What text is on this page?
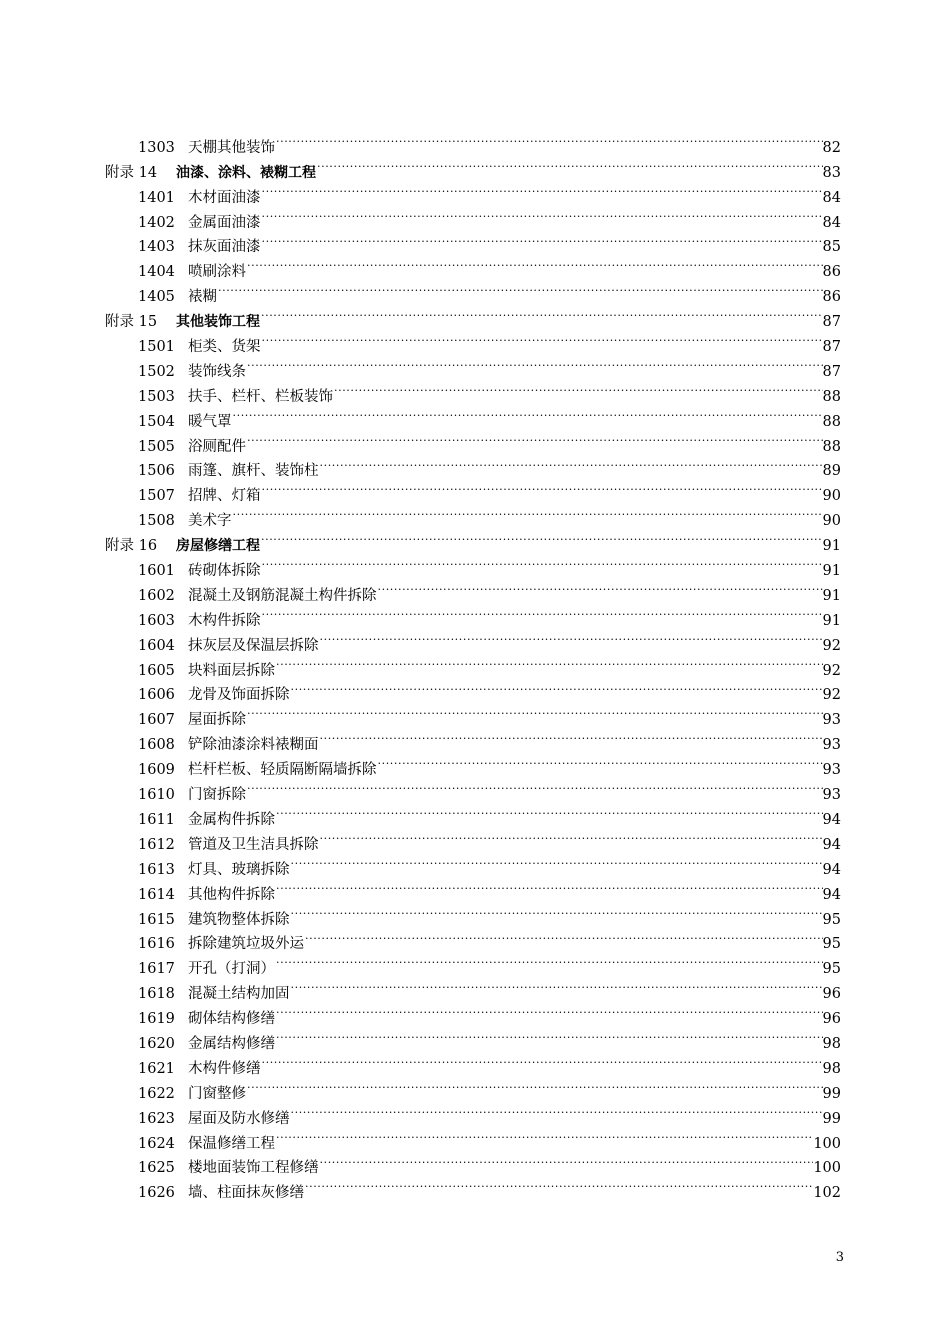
1303 天棚其他装饰 .....	82
附录 14	油漆、涂料、裱糊工程 .....	83
1401 木材面油漆 .....	84
1402 金属面油漆 .....	84
1403 抹灰面油漆 .....	85
1404 喷刷涂料 .....	86
1405 裱糊 .....	86
附录 15	其他装饰工程 .....	87
1501 柜类、货架 .....	87
1502 装饰线条 .....	87
1503 扶手、栏杆、栏板装饰 .....	88
1504 暖气罩 .....	88
1505 浴厕配件 .....	88
1506 雨篷、旗杆、装饰柱 .....	89
1507 招牌、灯箱 .....	90
1508 美术字 .....	90
附录 16	房屋修缮工程 .....	91
1601 砖砌体拆除 .....	91
1602 混凝土及钢筋混凝土构件拆除 .....	91
1603 木构件拆除 .....	91
1604 抹灰层及保温层拆除 .....	92
1605 块料面层拆除 .....	92
1606 龙骨及饰面拆除 .....	92
1607 屋面拆除 .....	93
1608 铲除油漆涂料裱糊面 .....	93
1609 栏杆栏板、轻质隔断隔墙拆除 .....	93
1610 门窗拆除 .....	93
1611 金属构件拆除 .....	94
1612 管道及卫生洁具拆除 .....	94
1613 灯具、玻璃拆除 .....	94
1614 其他构件拆除 .....	94
1615 建筑物整体拆除 .....	95
1616 拆除建筑垃圾外运 .....	95
1617 开孔（打洞） .....	95
1618 混凝土结构加固 .....	96
1619 砌体结构修缮 .....	96
1620 金属结构修缮 .....	98
1621 木构件修缮 .....	98
1622 门窗整修 .....	99
1623 屋面及防水修缮 .....	99
1624 保温修缮工程 .....	100
1625 楼地面装饰工程修缮 .....	100
1626 墙、柱面抹灰修缮 .....	102
3
